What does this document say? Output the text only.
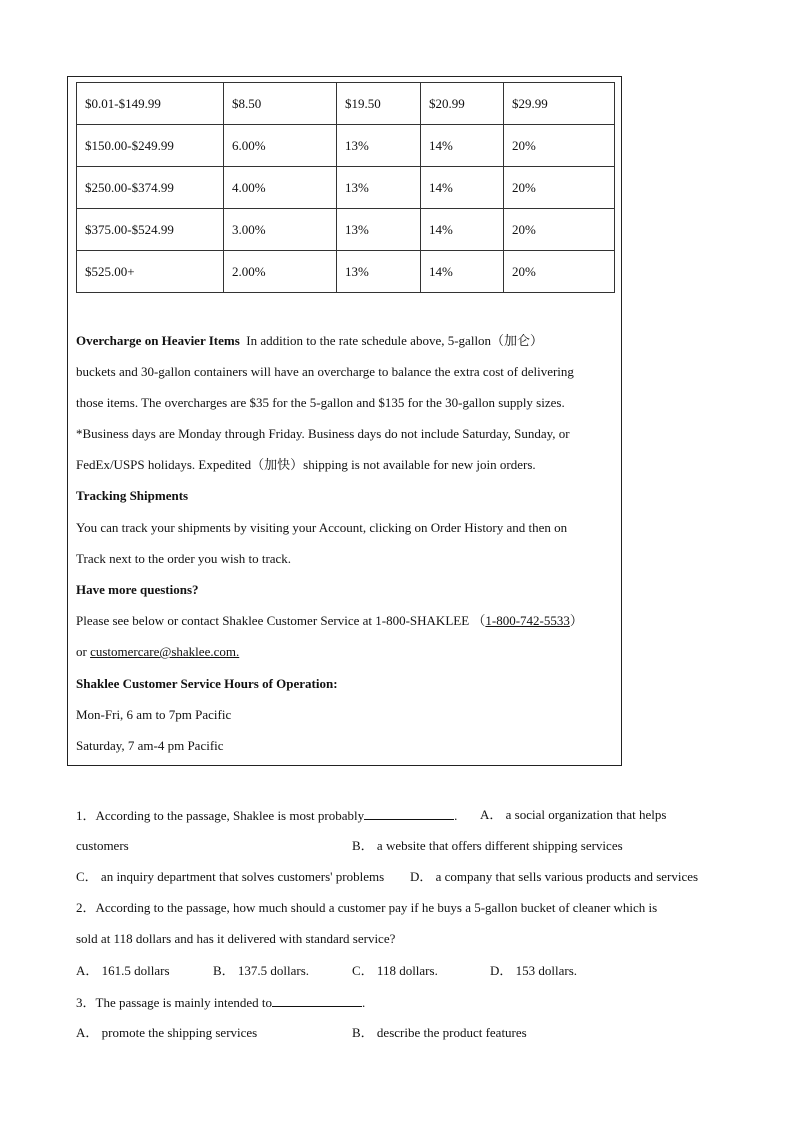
$0.01-$149.99	$8.50	$19.50	$20.99	$29.99
$150.00-$249.99	6.00%	13%	14%	20%
$250.00-$374.99	4.00%	13%	14%	20%
$375.00-$524.99	3.00%	13%	14%	20%
$525.00+	2.00%	13%	14%	20%
Overcharge on Heavier Items In addition to the rate schedule above, 5-gallon（加仑）
buckets and 30-gallon containers will have an overcharge to balance the extra cost of delivering
those items. The overcharges are $35 for the 5-gallon and $135 for the 30-gallon supply sizes.
*Business days are Monday through Friday. Business days do not include Saturday, Sunday, or
FedEx/USPS holidays. Expedited（加快）shipping is not available for new join orders.
Tracking Shipments
You can track your shipments by visiting your Account, clicking on Order History and then on
Track next to the order you wish to track.
Have more questions?
Please see below or contact Shaklee Customer Service at 1-800-SHAKLEE （1-800-742-5533）
or customercare@shaklee.com.
Shaklee Customer Service Hours of Operation:
Mon-Fri, 6 am to 7pm Pacific
Saturday, 7 am-4 pm Pacific
1．According to the passage, Shaklee is most probably	. A． a social organization that helps
customers	B． a website that offers different shipping services
C． an inquiry department that solves customers' problems D． a company that sells various products and services
2．According to the passage, how much should a customer pay if he buys a 5-gallon bucket of cleaner which is
sold at 118 dollars and has it delivered with standard service?
A． 161.5 dollars	B． 137.5 dollars.	C． 118 dollars.	D． 153 dollars.
3．The passage is mainly intended to	.
A． promote the shipping services	B． describe the product features
